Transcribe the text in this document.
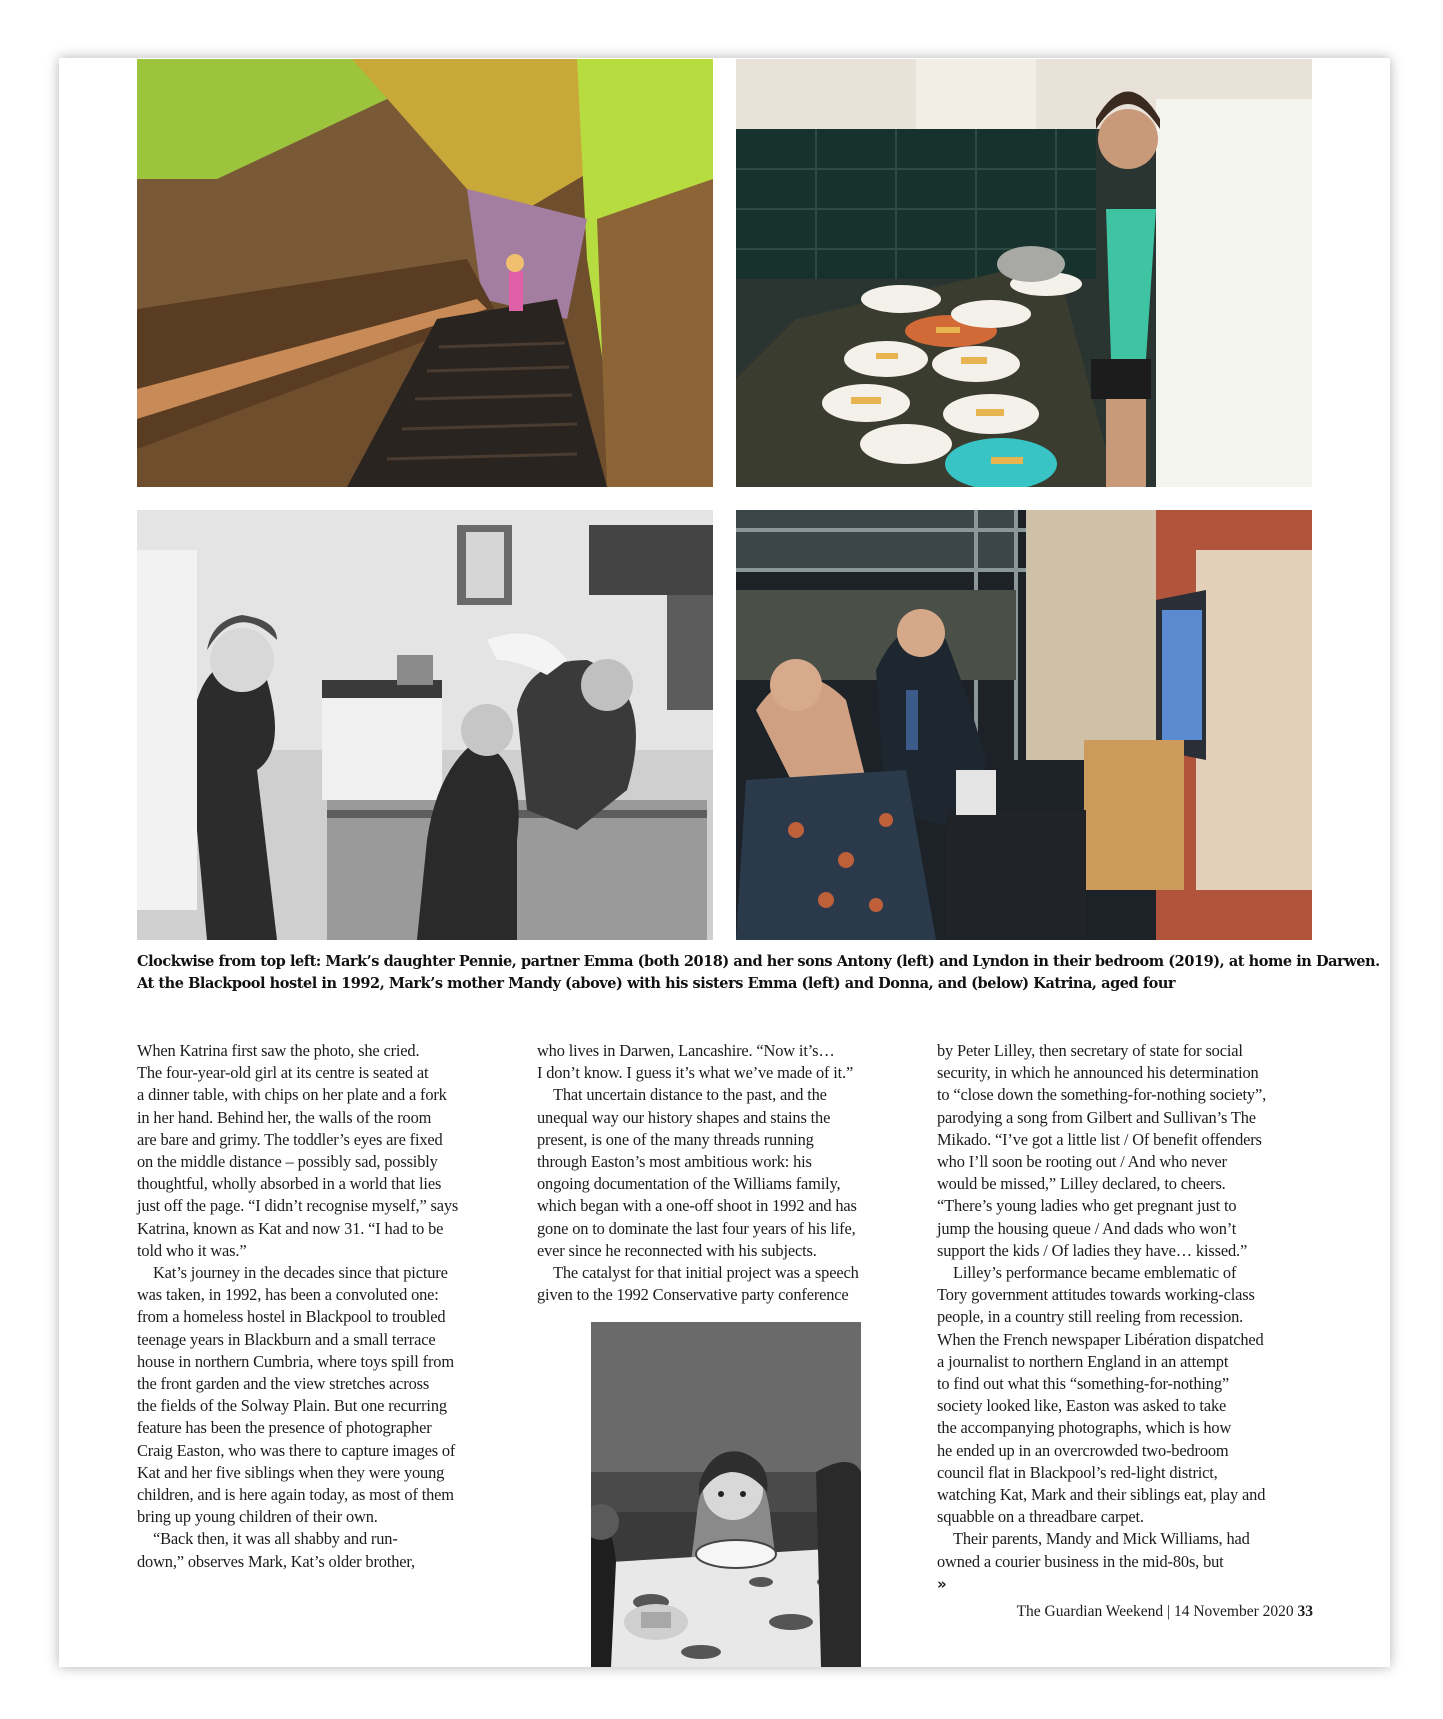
Clockwise from top left: Mark’s daughter Pennie, partner Emma (both 2018) and her sons Antony (left) and Lyndon in their bedroom (2019), at home in Darwen.
At the Blackpool hostel in 1992, Mark’s mother Mandy (above) with his sisters Emma (left) and Donna, and (below) Katrina, aged four
When Katrina first saw the photo, she cried.
The four-year-old girl at its centre is seated at
a dinner table, with chips on her plate and a fork
in her hand. Behind her, the walls of the room
are bare and grimy. The toddler’s eyes are fixed
on the middle distance – possibly sad, possibly
thoughtful, wholly absorbed in a world that lies
just off the page. “I didn’t recognise myself,” says
Katrina, known as Kat and now 31. “I had to be
told who it was.”
Kat’s journey in the decades since that picture
was taken, in 1992, has been a convoluted one:
from a homeless hostel in Blackpool to troubled
teenage years in Blackburn and a small terrace
house in northern Cumbria, where toys spill from
the front garden and the view stretches across
the fields of the Solway Plain. But one recurring
feature has been the presence of photographer
Craig Easton, who was there to capture images of
Kat and her five siblings when they were young
children, and is here again today, as most of them
bring up young children of their own.
“Back then, it was all shabby and run-
down,” observes Mark, Kat’s older brother,
who lives in Darwen, Lancashire. “Now it’s…
I don’t know. I guess it’s what we’ve made of it.”
That uncertain distance to the past, and the
unequal way our history shapes and stains the
present, is one of the many threads running
through Easton’s most ambitious work: his
ongoing documentation of the Williams family,
which began with a one-off shoot in 1992 and has
gone on to dominate the last four years of his life,
ever since he reconnected with his subjects.
The catalyst for that initial project was a speech
given to the 1992 Conservative party conference
by Peter Lilley, then secretary of state for social
security, in which he announced his determination
to “close down the something-for-nothing society”,
parodying a song from Gilbert and Sullivan’s The
Mikado. “I’ve got a little list / Of benefit offenders
who I’ll soon be rooting out / And who never
would be missed,” Lilley declared, to cheers.
“There’s young ladies who get pregnant just to
jump the housing queue / And dads who won’t
support the kids / Of ladies they have… kissed.”
Lilley’s performance became emblematic of
Tory government attitudes towards working-class
people, in a country still reeling from recession.
When the French newspaper Libération dispatched
a journalist to northern England in an attempt
to find out what this “something-for-nothing”
society looked like, Easton was asked to take
the accompanying photographs, which is how
he ended up in an overcrowded two-bedroom
council flat in Blackpool’s red-light district,
watching Kat, Mark and their siblings eat, play and
squabble on a threadbare carpet.
Their parents, Mandy and Mick Williams, had
owned a courier business in the mid-80s, but
»
The Guardian Weekend | 14 November 2020 33
